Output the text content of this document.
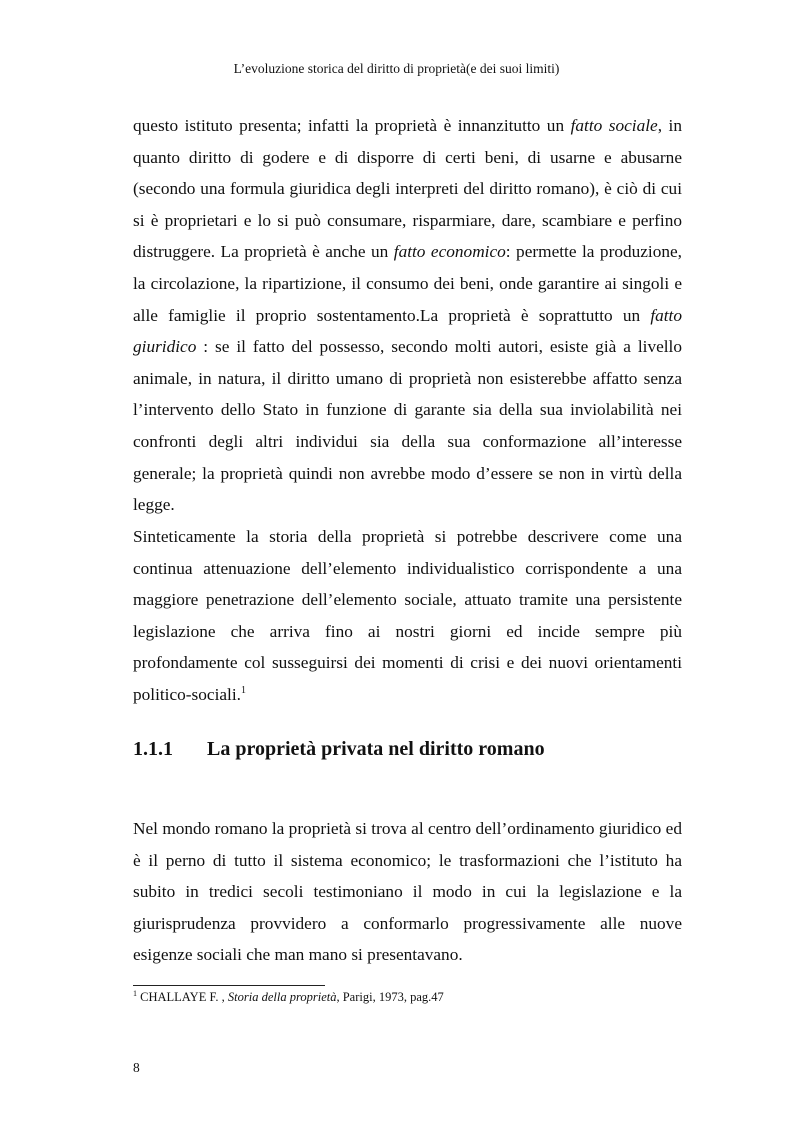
L’evoluzione storica del diritto di proprietà(e dei suoi limiti)

questo istituto presenta; infatti la proprietà è innanzitutto un fatto sociale, in quanto diritto di godere e di disporre di certi beni, di usarne e abusarne (secondo una formula giuridica degli interpreti del diritto romano), è ciò di cui si è proprietari e lo si può consumare, risparmiare, dare, scambiare e perfino distruggere. La proprietà è anche un fatto economico: permette la produzione, la circolazione, la ripartizione, il consumo dei beni, onde garantire ai singoli e alle famiglie il proprio sostentamento.La proprietà è soprattutto un fatto giuridico : se il fatto del possesso, secondo molti autori, esiste già a livello animale, in natura, il diritto umano di proprietà non esisterebbe affatto senza l’intervento dello Stato in funzione di garante sia della sua inviolabilità nei confronti degli altri individui sia della sua conformazione all’interesse generale; la proprietà quindi non avrebbe modo d’essere se non in virtù della legge.

Sinteticamente la storia della proprietà si potrebbe descrivere come una continua attenuazione dell’elemento individualistico corrispondente a una maggiore penetrazione dell’elemento sociale, attuato tramite una persistente legislazione che arriva fino ai nostri giorni ed incide sempre più profondamente col susseguirsi dei momenti di crisi e dei nuovi orientamenti politico-sociali.$^1$

1.1.1 La proprietà privata nel diritto romano

Nel mondo romano la proprietà si trova al centro dell’ordinamento giuridico ed è il perno di tutto il sistema economico; le trasformazioni che l’istituto ha subito in tredici secoli testimoniano il modo in cui la legislazione e la giurisprudenza provvidero a conformarlo progressivamente alle nuove esigenze sociali che man mano si presentavano.

$^1$ CHALLAYE F. , Storia della proprietà, Parigi, 1973, pag.47
8
